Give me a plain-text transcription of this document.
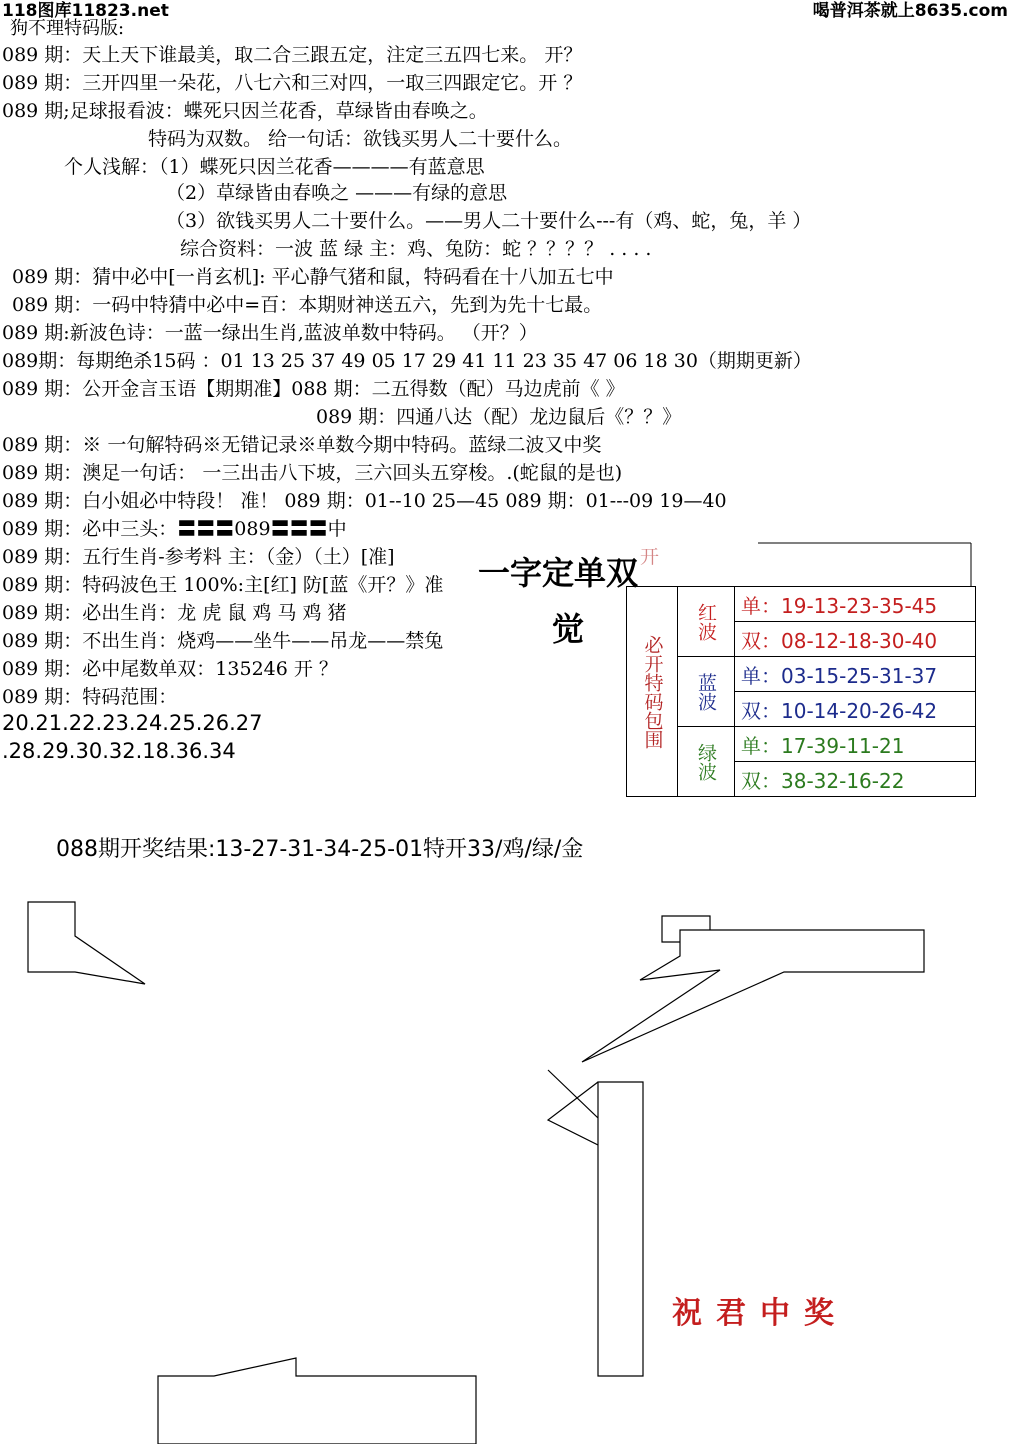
118图库11823.net	喝普洱茶就上8635.com
狗不理特码版:
089 期：天上天下谁最美，取二合三跟五定，注定三五四七来。 开？
089 期：三开四里一朵花，八七六和三对四，一取三四跟定它。开 ？
089 期;足球报看波：蝶死只因兰花香，草绿皆由春唤之。
特码为双数。 给一句话：欲钱买男人二十要什么。
个人浅解：（1）蝶死只因兰花香————有蓝意思
（2）草绿皆由春唤之 ———有绿的意思
（3）欲钱买男人二十要什么。——男人二十要什么---有（鸡、蛇，兔，羊 ）
综合资料：一波 蓝 绿 主：鸡、兔防：蛇 ？？？？ . . . .
089 期：猜中必中[一肖玄机]: 平心静气猪和鼠，特码看在十八加五七中
089 期：一码中特猜中必中=百：本期财神送五六，先到为先十七最。
089 期:新波色诗：一蓝一绿出生肖,蓝波单数中特码。 （开？）
089期：每期绝杀15码 ：01 13 25 37 49 05 17 29 41 11 23 35 47 06 18 30（期期更新）
089 期：公开金言玉语【期期准】088 期：二五得数（配）马边虎前《 》
089 期：四通八达（配）龙边鼠后《？？》
089 期：※ 一句解特码※无错记录※单数今期中特码。蓝绿二波又中奖
089 期：澳足一句话： 一三出击八下坡，三六回头五穿梭。.(蛇鼠的是也)
089 期：白小姐必中特段！ 准！ 089 期：01--10 25—45 089 期：01---09 19—40
089 期：必中三头：〓〓〓089〓〓〓中
089 期：五行生肖-参考料 主：（金）（土）[准]
089 期：特码波色王 100%:主[红] 防[蓝《开？》准
089 期：必出生肖：龙 虎 鼠 鸡 马 鸡 猪
089 期：不出生肖：烧鸡——坐牛——吊龙——禁兔
089 期：必中尾数单双：135246 开 ？
089 期：特码范围：
20.21.22.23.24.25.26.27
.28.29.30.32.18.36.34
一字定单双
觉
开
必开特码包围	红波	单：19-13-23-35-45
		双：08-12-18-30-40
	蓝波	单：03-15-25-31-37
		双：10-14-20-26-42
	绿波	单：17-39-11-21
		双：38-32-16-22
088期开奖结果:13-27-31-34-25-01特开33/鸡/绿/金
祝君中奖
